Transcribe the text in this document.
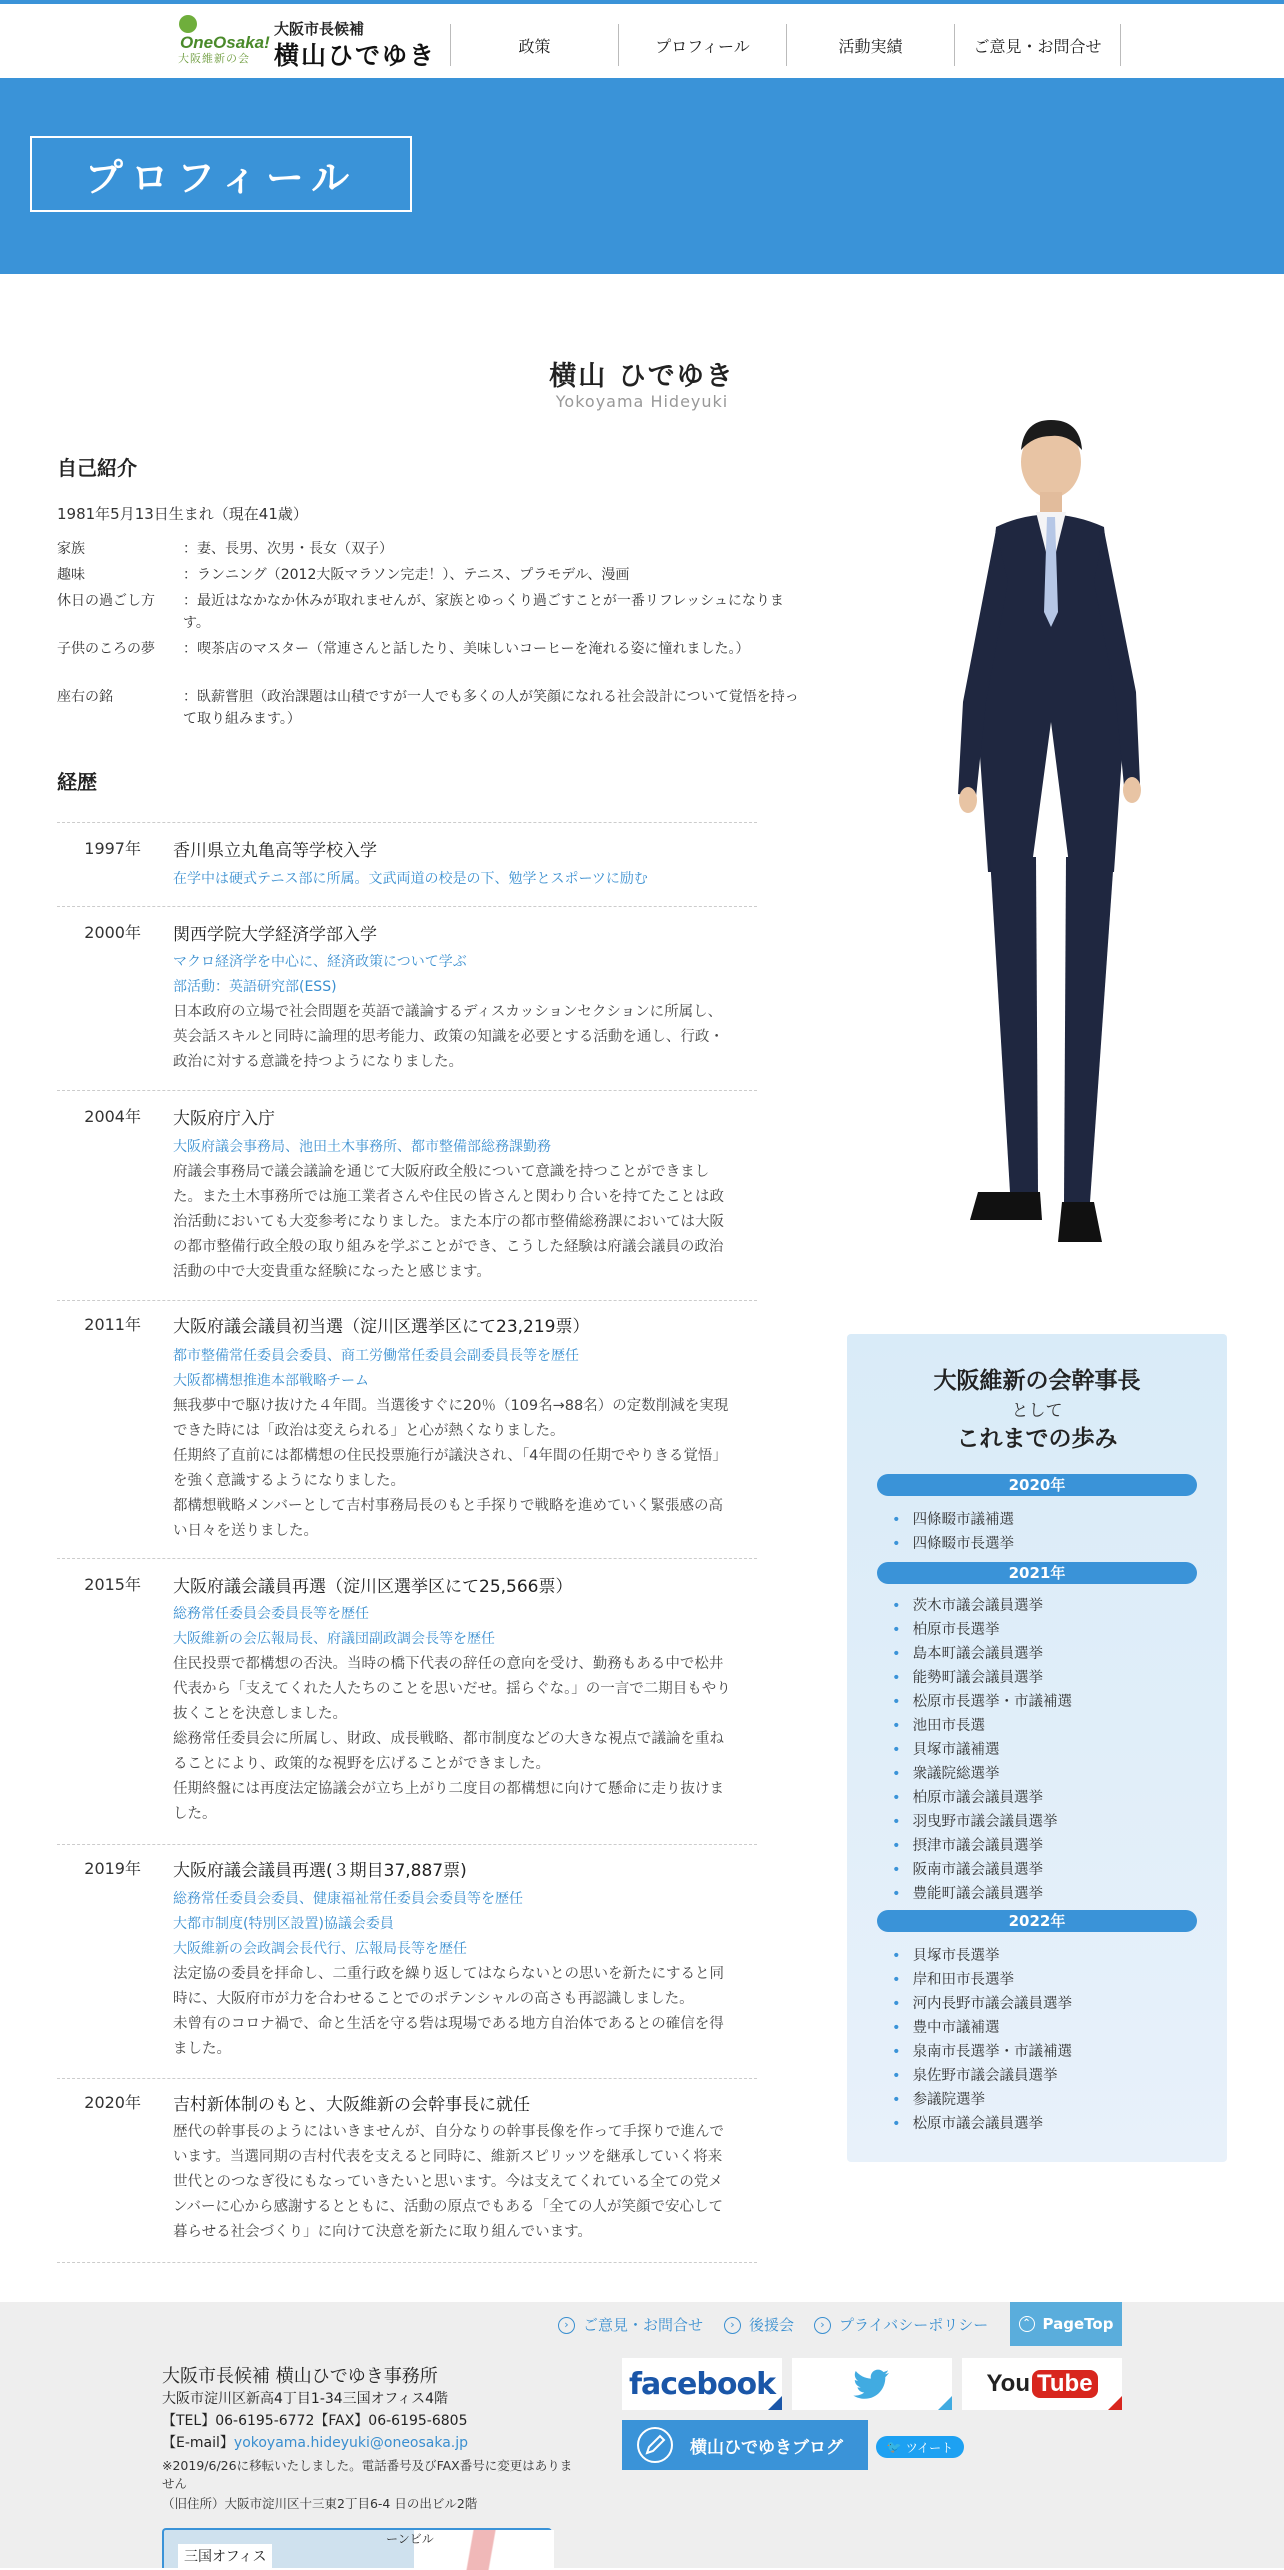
OneOsaka!
大阪維新の会
大阪市長候補
横山ひでゆき	政策	プロフィール	活動実績	ご意見・お問合せ
プロフィール
横山 ひでゆき
Yokoyama Hideyuki
自己紹介
1981年5月13日生まれ（現在41歳）
家族	：妻、長男、次男・長女（双子）
趣味	：ランニング（2012大阪マラソン完走！）、テニス、プラモデル、漫画
休日の過ごし方	：最近はなかなか休みが取れませんが、家族とゆっくり過ごすことが一番リフレッシュになります。
子供のころの夢	：喫茶店のマスター（常連さんと話したり、美味しいコーヒーを淹れる姿に憧れました。）
座右の銘	：臥薪嘗胆（政治課題は山積ですが一人でも多くの人が笑顔になれる社会設計について覚悟を持って取り組みます。）
経歴
1997年 香川県立丸亀高等学校入学
在学中は硬式テニス部に所属。文武両道の校是の下、勉学とスポーツに励む
2000年 関西学院大学経済学部入学
マクロ経済学を中心に、経済政策について学ぶ
部活動：英語研究部(ESS)
日本政府の立場で社会問題を英語で議論するディスカッションセクションに所属し、英会話スキルと同時に論理的思考能力、政策の知識を必要とする活動を通し、行政・政治に対する意識を持つようになりました。
2004年 大阪府庁入庁
大阪府議会事務局、池田土木事務所、都市整備部総務課勤務
府議会事務局で議会議論を通じて大阪府政全般について意識を持つことができました。また土木事務所では施工業者さんや住民の皆さんと関わり合いを持てたことは政治活動においても大変参考になりました。また本庁の都市整備総務課においては大阪の都市整備行政全般の取り組みを学ぶことができ、こうした経験は府議会議員の政治活動の中で大変貴重な経験になったと感じます。
2011年 大阪府議会議員初当選（淀川区選挙区にて23,219票）
都市整備常任委員会委員、商工労働常任委員会副委員長等を歴任
大阪都構想推進本部戦略チーム
無我夢中で駆け抜けた４年間。当選後すぐに20％（109名→88名）の定数削減を実現できた時には「政治は変えられる」と心が熱くなりました。
任期終了直前には都構想の住民投票施行が議決され、「4年間の任期でやりきる覚悟」を強く意識するようになりました。
都構想戦略メンバーとして吉村事務局長のもと手探りで戦略を進めていく緊張感の高い日々を送りました。
2015年 大阪府議会議員再選（淀川区選挙区にて25,566票）
総務常任委員会委員長等を歴任
大阪維新の会広報局長、府議団副政調会長等を歴任
住民投票で都構想の否決。当時の橋下代表の辞任の意向を受け、勤務もある中で松井代表から「支えてくれた人たちのことを思いだせ。揺らぐな。」の一言で二期目もやり抜くことを決意しました。
総務常任委員会に所属し、財政、成長戦略、都市制度などの大きな視点で議論を重ねることにより、政策的な視野を広げることができました。
任期終盤には再度法定協議会が立ち上がり二度目の都構想に向けて懸命に走り抜けました。
2019年 大阪府議会議員再選(３期目37,887票)
総務常任委員会委員、健康福祉常任委員会委員等を歴任
大都市制度(特別区設置)協議会委員
大阪維新の会政調会長代行、広報局長等を歴任
法定協の委員を拝命し、二重行政を繰り返してはならないとの思いを新たにすると同時に、大阪府市が力を合わせることでのポテンシャルの高さも再認識しました。
未曾有のコロナ禍で、命と生活を守る砦は現場である地方自治体であるとの確信を得ました。
2020年 吉村新体制のもと、大阪維新の会幹事長に就任
歴代の幹事長のようにはいきませんが、自分なりの幹事長像を作って手探りで進んでいます。当選同期の吉村代表を支えると同時に、維新スピリッツを継承していく将来世代とのつなぎ役にもなっていきたいと思います。今は支えてくれている全ての党メンバーに心から感謝するとともに、活動の原点でもある「全ての人が笑顔で安心して暮らせる社会づくり」に向けて決意を新たに取り組んでいます。
大阪維新の会幹事長
として
これまでの歩み
2020年
• 四條畷市議補選
• 四條畷市長選挙
2021年
• 茨木市議会議員選挙
• 柏原市長選挙
• 島本町議会議員選挙
• 能勢町議会議員選挙
• 松原市長選挙・市議補選
• 池田市長選
• 貝塚市議補選
• 衆議院総選挙
• 柏原市議会議員選挙
• 羽曳野市議会議員選挙
• 摂津市議会議員選挙
• 阪南市議会議員選挙
• 豊能町議会議員選挙
2022年
• 貝塚市長選挙
• 岸和田市長選挙
• 河内長野市議会議員選挙
• 豊中市議補選
• 泉南市長選挙・市議補選
• 泉佐野市議会議員選挙
• 参議院選挙
• 松原市議会議員選挙
› ご意見・お問合せ	› 後援会	› プライバシーポリシー	⌃ PageTop
大阪市長候補 横山ひでゆき事務所
大阪市淀川区新高4丁目1-34三国オフィス4階
【TEL】06-6195-6772【FAX】06-6195-6805
【E-mail】yokoyama.hideyuki@oneosaka.jp
※2019/6/26に移転いたしました。電話番号及びFAX番号に変更はありま
せん
（旧住所）大阪市淀川区十三東2丁目6-4 日の出ビル2階
facebook	You Tube
横山ひでゆきブログ	🐦 ツイート
ーンビル
三国オフィス
